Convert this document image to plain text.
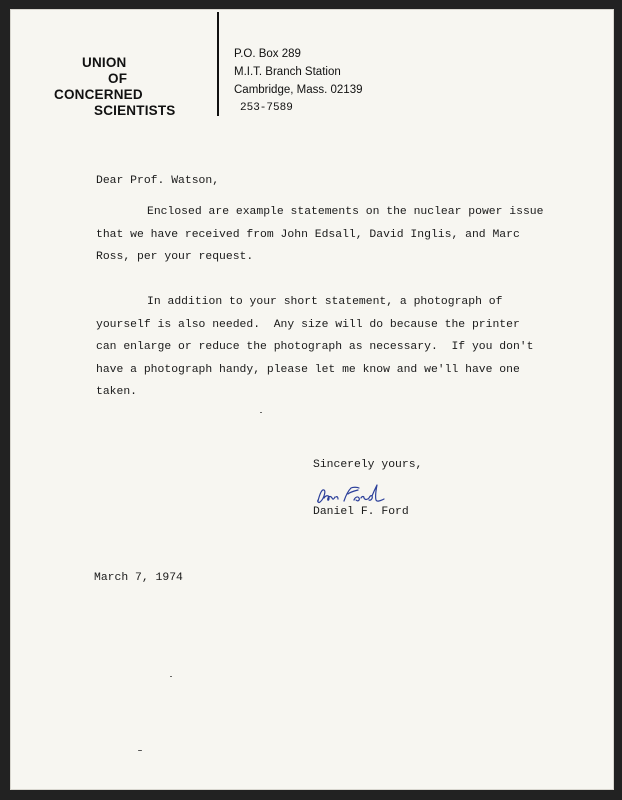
UNION
OF
CONCERNED
SCIENTISTS
P.O. Box 289
M.I.T. Branch Station
Cambridge, Mass. 02139
253-7589
Dear Prof. Watson,
Enclosed are example statements on the nuclear power issue
that we have received from John Edsall, David Inglis, and Marc
Ross, per your request.
In addition to your short statement, a photograph of
yourself is also needed.  Any size will do because the printer
can enlarge or reduce the photograph as necessary.  If you don't
have a photograph handy, please let me know and we'll have one
taken.
Sincerely yours,
Daniel F. Ford
March 7, 1974
